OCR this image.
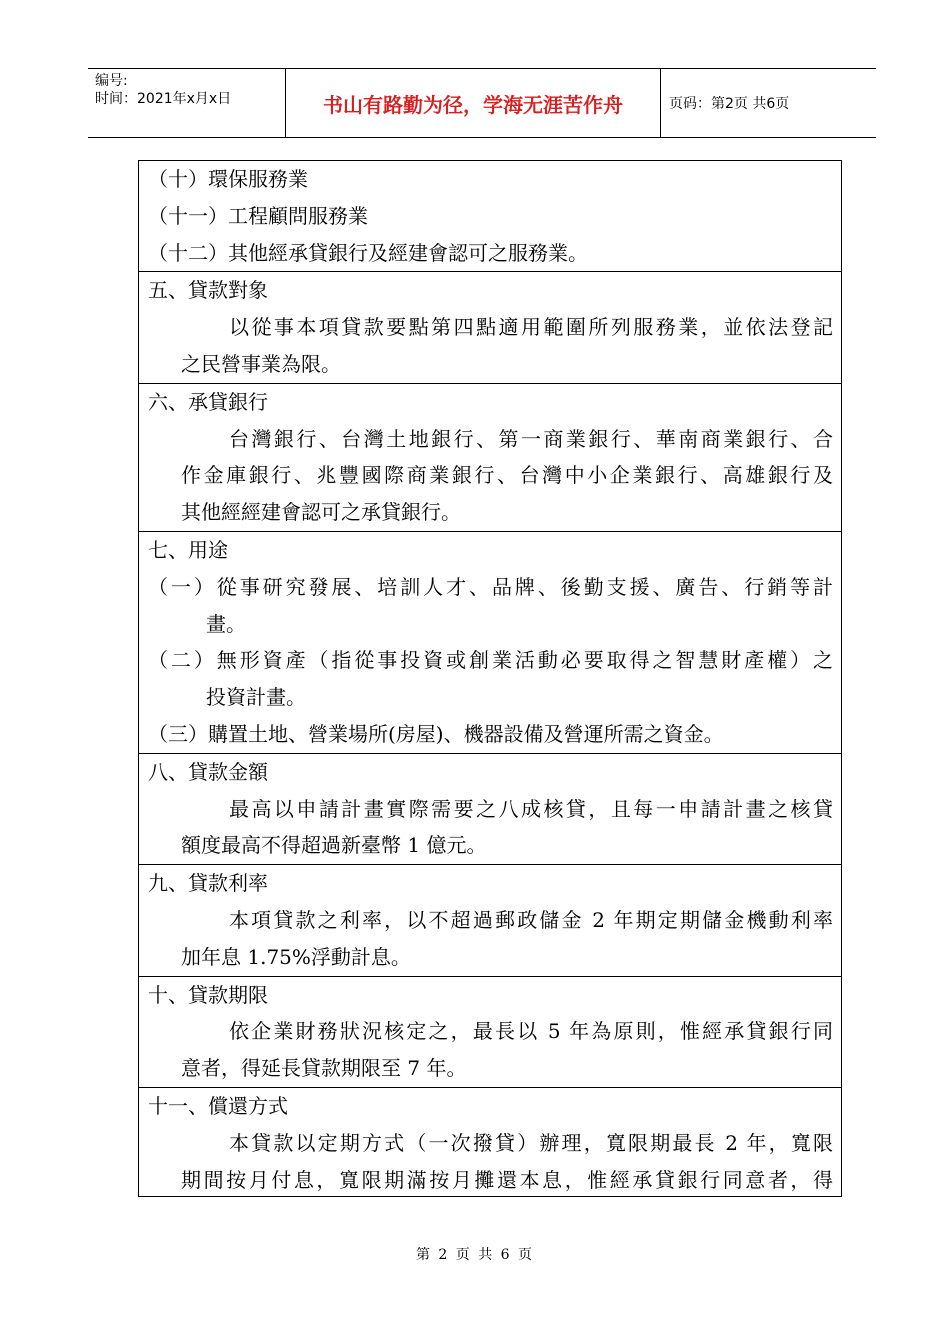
编号:
时间：2021年x月x日	书山有路勤为径，学海无涯苦作舟	页码：第2页 共6页
（十）環保服務業
（十一）工程顧問服務業
（十二）其他經承貸銀行及經建會認可之服務業。
五、貸款對象
以從事本項貸款要點第四點適用範圍所列服務業，並依法登記
之民營事業為限。
六、承貸銀行
台灣銀行、台灣土地銀行、第一商業銀行、華南商業銀行、合
作金庫銀行、兆豐國際商業銀行、台灣中小企業銀行、高雄銀行及
其他經經建會認可之承貸銀行。
七、用途
（一）從事研究發展、培訓人才、品牌、後勤支援、廣告、行銷等計
畫。
（二）無形資產（指從事投資或創業活動必要取得之智慧財產權）之
投資計畫。
（三）購置土地、營業場所(房屋)、機器設備及營運所需之資金。
八、貸款金額
最高以申請計畫實際需要之八成核貸，且每一申請計畫之核貸
額度最高不得超過新臺幣 1 億元。
九、貸款利率
本項貸款之利率，以不超過郵政儲金 2 年期定期儲金機動利率
加年息 1.75%浮動計息。
十、貸款期限
依企業財務狀況核定之，最長以 5 年為原則，惟經承貸銀行同
意者，得延長貸款期限至 7 年。
十一、償還方式
本貸款以定期方式（一次撥貸）辦理，寬限期最長 2 年，寬限
期間按月付息，寬限期滿按月攤還本息，惟經承貸銀行同意者，得
第 2 页 共 6 页
